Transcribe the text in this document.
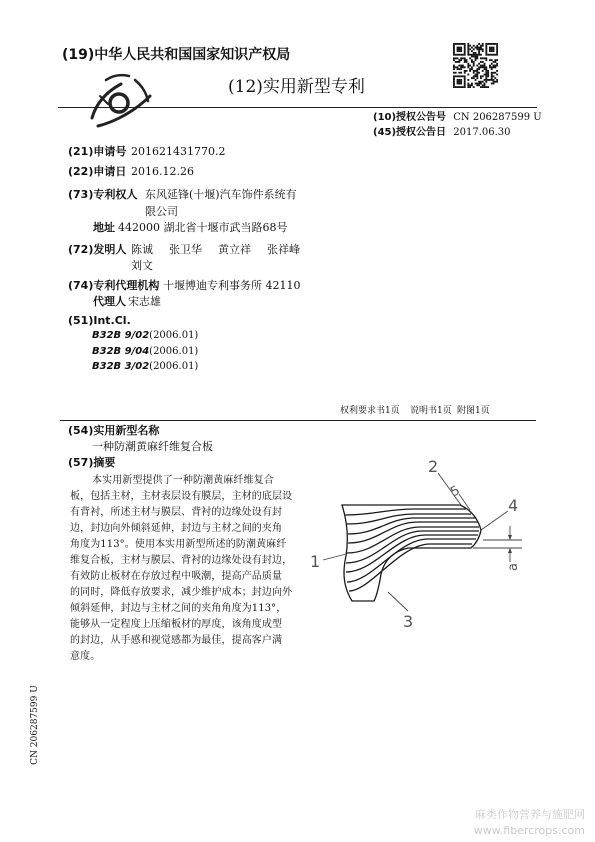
(19)中华人民共和国国家知识产权局
(12)实用新型专利
(10)授权公告号 CN 206287599 U
(45)授权公告日 2017.06.30
(21)申请号 201621431770.2
(22)申请日 2016.12.26
(73)专利权人 东风延锋(十堰)汽车饰件系统有
限公司
地址 442000 湖北省十堰市武当路68号
(72)发明人 陈诚 张卫华 黄立祥 张祥峰
刘文
(74)专利代理机构 十堰博迪专利事务所 42110
代理人 宋志雄
(51)Int.Cl.
B32B 9/02(2006.01)
B32B 9/04(2006.01)
B32B 3/02(2006.01)
权利要求书1页 说明书1页 附图1页
(54)实用新型名称
一种防潮黄麻纤维复合板
(57)摘要
本实用新型提供了一种防潮黄麻纤维复合
板，包括主材，主材表层设有膜层，主材的底层设
有背衬，所述主材与膜层、背衬的边缘处设有封
边，封边向外倾斜延伸，封边与主材之间的夹角
角度为113°。使用本实用新型所述的防潮黄麻纤
维复合板，主材与膜层、背衬的边缘处设有封边，
有效防止板材在存放过程中吸潮，提高产品质量
的同时，降低存放要求，减少维护成本；封边向外
倾斜延伸，封边与主材之间的夹角角度为113°，
能够从一定程度上压缩板材的厚度，该角度成型
的封边，从手感和视觉感都为最佳，提高客户满
意度。
2
5
4
1
3
a
CN 206287599 U
麻类作物营养与施肥网
www.fibercrops.com
